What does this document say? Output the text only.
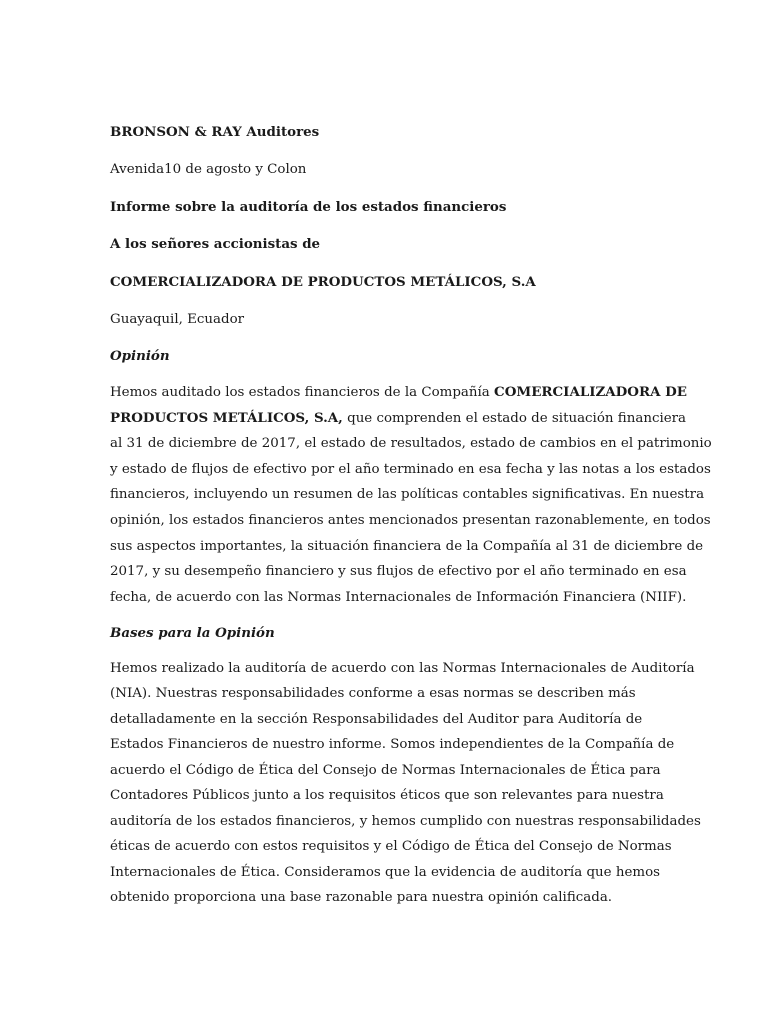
BRONSON & RAY Auditores

Avenida10 de agosto y Colon

Informe sobre la auditoría de los estados financieros

A los señores accionistas de

COMERCIALIZADORA DE PRODUCTOS METÁLICOS, S.A

Guayaquil, Ecuador

Opinión

Hemos auditado los estados financieros de la Compañía COMERCIALIZADORA DE
PRODUCTOS METÁLICOS, S.A, que comprenden el estado de situación financiera
al 31 de diciembre de 2017, el estado de resultados, estado de cambios en el patrimonio
y estado de flujos de efectivo por el año terminado en esa fecha y las notas a los estados
financieros, incluyendo un resumen de las políticas contables significativas. En nuestra
opinión, los estados financieros antes mencionados presentan razonablemente, en todos
sus aspectos importantes, la situación financiera de la Compañía al 31 de diciembre de
2017, y su desempeño financiero y sus flujos de efectivo por el año terminado en esa
fecha, de acuerdo con las Normas Internacionales de Información Financiera (NIIF).

Bases para la Opinión

Hemos realizado la auditoría de acuerdo con las Normas Internacionales de Auditoría
(NIA). Nuestras responsabilidades conforme a esas normas se describen más
detalladamente en la sección Responsabilidades del Auditor para Auditoría de
Estados Financieros de nuestro informe. Somos independientes de la Compañía de
acuerdo el Código de Ética del Consejo de Normas Internacionales de Ética para
Contadores Públicos junto a los requisitos éticos que son relevantes para nuestra
auditoría de los estados financieros, y hemos cumplido con nuestras responsabilidades
éticas de acuerdo con estos requisitos y el Código de Ética del Consejo de Normas
Internacionales de Ética. Consideramos que la evidencia de auditoría que hemos
obtenido proporciona una base razonable para nuestra opinión calificada.
